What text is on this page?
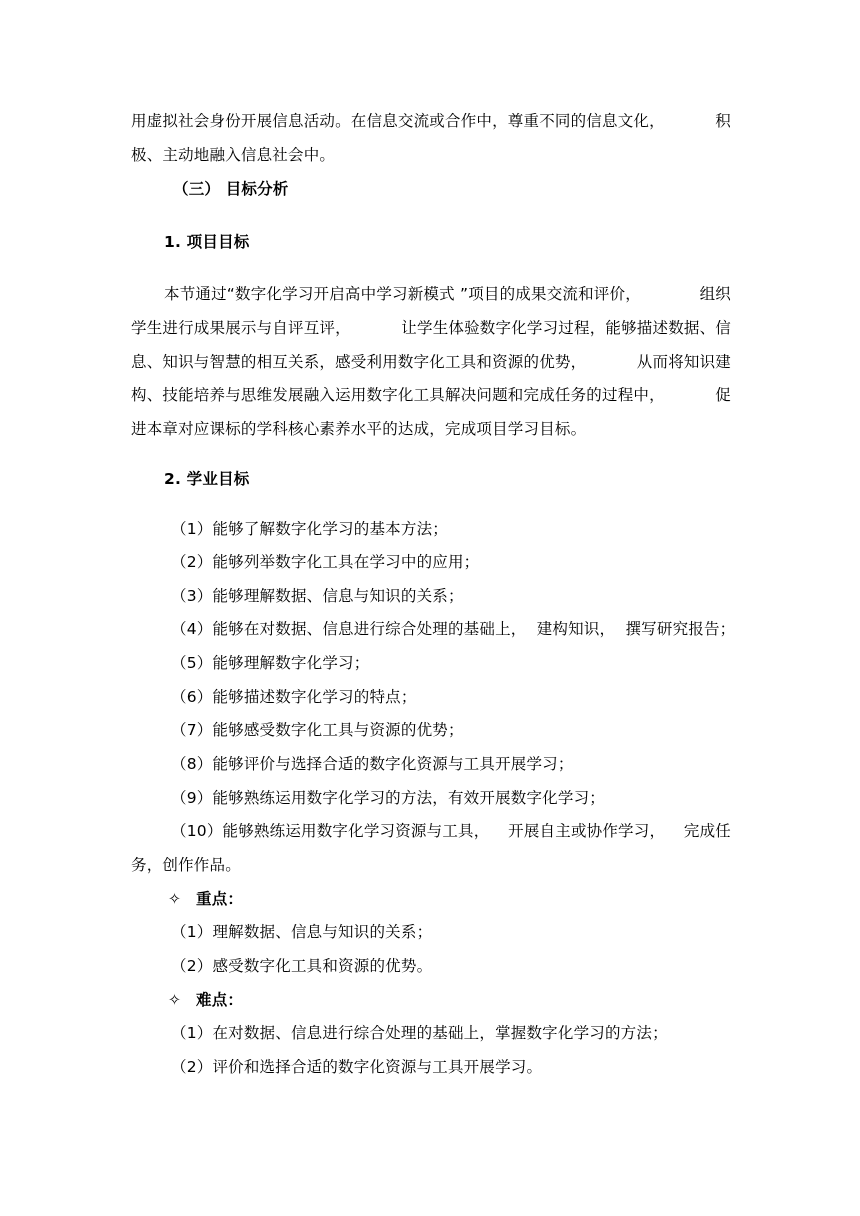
用虚拟社会身份开展信息活动。在信息交流或合作中，尊重不同的信息文化，	积
极、主动地融入信息社会中。
（三） 目标分析
1. 项目目标
本节通过“数字化学习开启高中学习新模式 ”项目的成果交流和评价，	组织
学生进行成果展示与自评互评，	让学生体验数字化学习过程，能够描述数据、信
息、知识与智慧的相互关系，感受利用数字化工具和资源的优势，	从而将知识建
构、技能培养与思维发展融入运用数字化工具解决问题和完成任务的过程中，	促
进本章对应课标的学科核心素养水平的达成，完成项目学习目标。
2. 学业目标
（1）能够了解数字化学习的基本方法；
（2）能够列举数字化工具在学习中的应用；
（3）能够理解数据、信息与知识的关系；
（4）能够在对数据、信息进行综合处理的基础上，  建构知识，  撰写研究报告；
（5）能够理解数字化学习；
（6）能够描述数字化学习的特点；
（7）能够感受数字化工具与资源的优势；
（8）能够评价与选择合适的数字化资源与工具开展学习；
（9）能够熟练运用数字化学习的方法，有效开展数字化学习；
（10）能够熟练运用数字化学习资源与工具， 开展自主或协作学习， 完成任
务，创作作品。
✧ 重点：
（1）理解数据、信息与知识的关系；
（2）感受数字化工具和资源的优势。
✧ 难点：
（1）在对数据、信息进行综合处理的基础上，掌握数字化学习的方法；
（2）评价和选择合适的数字化资源与工具开展学习。
